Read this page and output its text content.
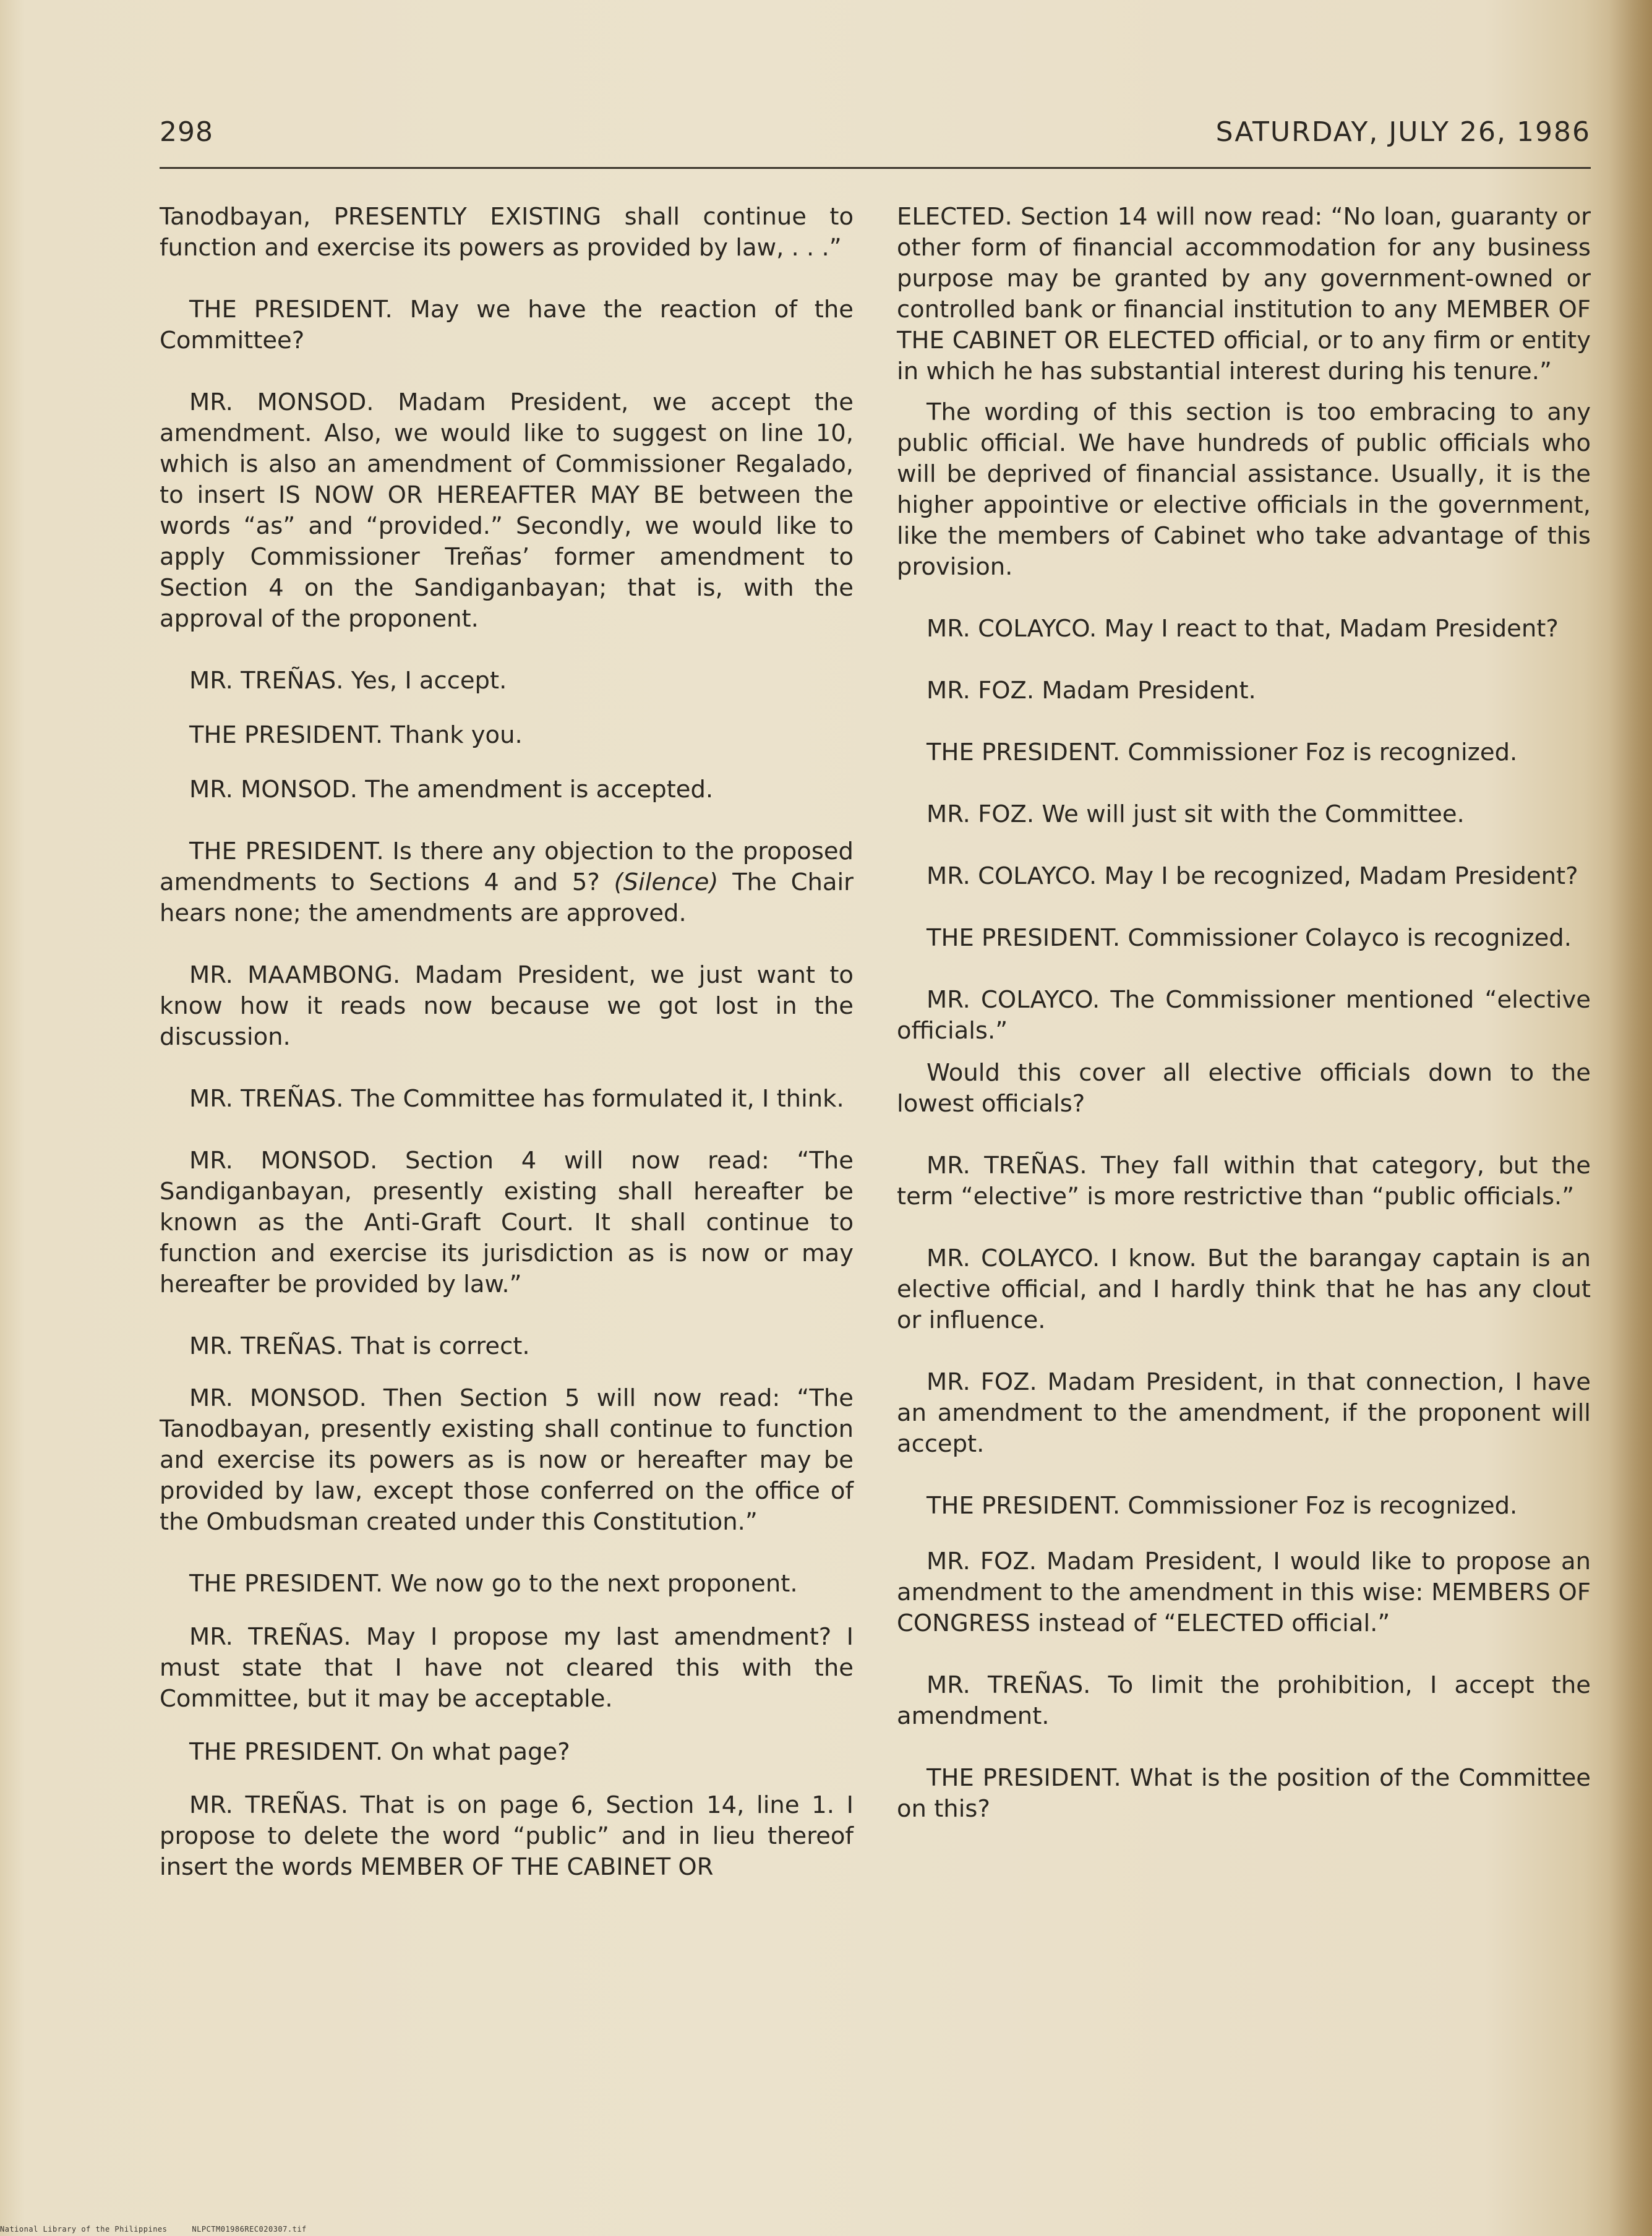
298	SATURDAY, JULY 26, 1986

Tanodbayan, PRESENTLY EXISTING shall continue to function and exercise its powers as provided by law, . . .”

THE PRESIDENT. May we have the reaction of the Committee?

MR. MONSOD. Madam President, we accept the amendment. Also, we would like to suggest on line 10, which is also an amendment of Commissioner Regalado, to insert IS NOW OR HEREAFTER MAY BE between the words “as” and “provided.” Secondly, we would like to apply Commissioner Treñas’ former amendment to Section 4 on the Sandiganbayan; that is, with the approval of the proponent.

MR. TREÑAS. Yes, I accept.

THE PRESIDENT. Thank you.

MR. MONSOD. The amendment is accepted.

THE PRESIDENT. Is there any objection to the proposed amendments to Sections 4 and 5? (Silence) The Chair hears none; the amendments are approved.

MR. MAAMBONG. Madam President, we just want to know how it reads now because we got lost in the discussion.

MR. TREÑAS. The Committee has formulated it, I think.

MR. MONSOD. Section 4 will now read: “The Sandiganbayan, presently existing shall hereafter be known as the Anti-Graft Court. It shall continue to function and exercise its jurisdiction as is now or may hereafter be provided by law.”

MR. TREÑAS. That is correct.

MR. MONSOD. Then Section 5 will now read: “The Tanodbayan, presently existing shall continue to function and exercise its powers as is now or hereafter may be provided by law, except those conferred on the office of the Ombudsman created under this Constitution.”

THE PRESIDENT. We now go to the next proponent.

MR. TREÑAS. May I propose my last amendment? I must state that I have not cleared this with the Committee, but it may be acceptable.

THE PRESIDENT. On what page?

MR. TREÑAS. That is on page 6, Section 14, line 1. I propose to delete the word “public” and in lieu thereof insert the words MEMBER OF THE CABINET OR

ELECTED. Section 14 will now read: “No loan, guaranty or other form of financial accommodation for any business purpose may be granted by any government-owned or controlled bank or financial institution to any MEMBER OF THE CABINET OR ELECTED official, or to any firm or entity in which he has substantial interest during his tenure.”

The wording of this section is too embracing to any public official. We have hundreds of public officials who will be deprived of financial assistance. Usually, it is the higher appointive or elective officials in the government, like the members of Cabinet who take advantage of this provision.

MR. COLAYCO. May I react to that, Madam President?

MR. FOZ. Madam President.

THE PRESIDENT. Commissioner Foz is recognized.

MR. FOZ. We will just sit with the Committee.

MR. COLAYCO. May I be recognized, Madam President?

THE PRESIDENT. Commissioner Colayco is recognized.

MR. COLAYCO. The Commissioner mentioned “elective officials.”

Would this cover all elective officials down to the lowest officials?

MR. TREÑAS. They fall within that category, but the term “elective” is more restrictive than “public officials.”

MR. COLAYCO. I know. But the barangay captain is an elective official, and I hardly think that he has any clout or influence.

MR. FOZ. Madam President, in that connection, I have an amendment to the amendment, if the proponent will accept.

THE PRESIDENT. Commissioner Foz is recognized.

MR. FOZ. Madam President, I would like to propose an amendment to the amendment in this wise: MEMBERS OF CONGRESS instead of “ELECTED official.”

MR. TREÑAS. To limit the prohibition, I accept the amendment.

THE PRESIDENT. What is the position of the Committee on this?

National Library of the Philippines	NLPCTM01986REC020307.tif
